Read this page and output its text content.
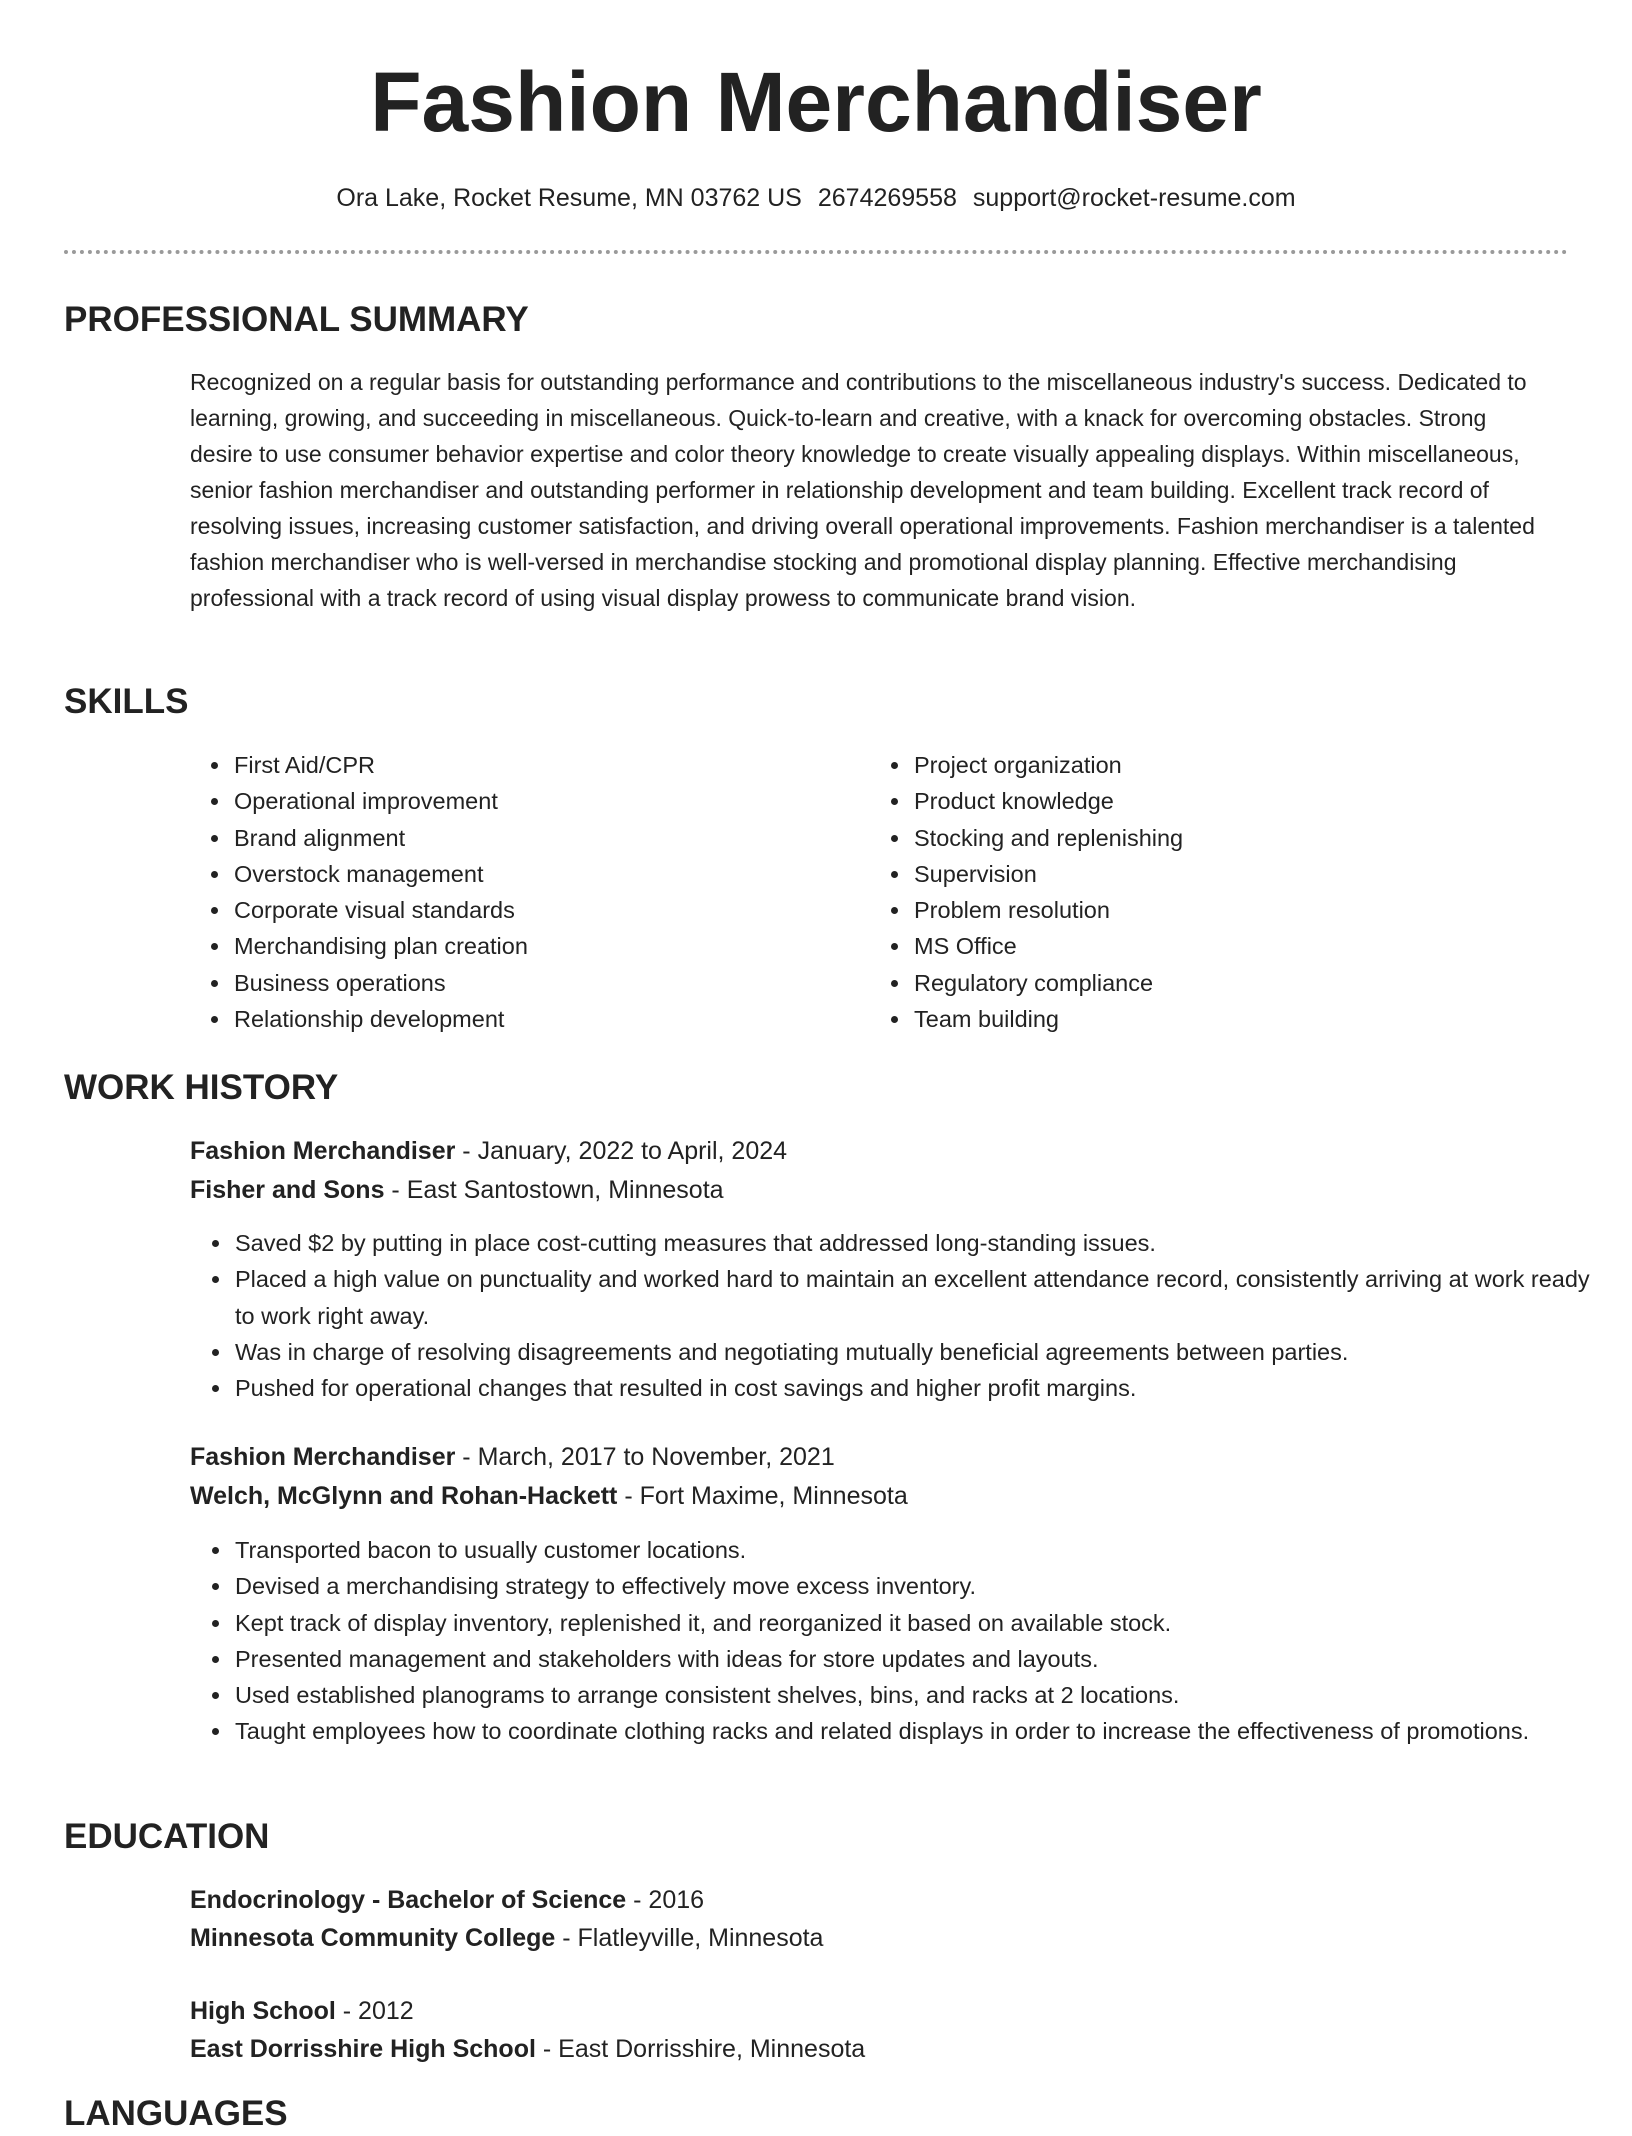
Fashion Merchandiser
Ora Lake, Rocket Resume, MN 03762 US 2674269558 support@rocket-resume.com
PROFESSIONAL SUMMARY

Recognized on a regular basis for outstanding performance and contributions to the miscellaneous industry's success. Dedicated to learning, growing, and succeeding in miscellaneous. Quick-to-learn and creative, with a knack for overcoming obstacles. Strong desire to use consumer behavior expertise and color theory knowledge to create visually appealing displays. Within miscellaneous, senior fashion merchandiser and outstanding performer in relationship development and team building. Excellent track record of resolving issues, increasing customer satisfaction, and driving overall operational improvements. Fashion merchandiser is a talented fashion merchandiser who is well-versed in merchandise stocking and promotional display planning. Effective merchandising professional with a track record of using visual display prowess to communicate brand vision.

SKILLS
• First Aid/CPR
• Operational improvement
• Brand alignment
• Overstock management
• Corporate visual standards
• Merchandising plan creation
• Business operations
• Relationship development
• Project organization
• Product knowledge
• Stocking and replenishing
• Supervision
• Problem resolution
• MS Office
• Regulatory compliance
• Team building
WORK HISTORY
Fashion Merchandiser - January, 2022 to April, 2024
Fisher and Sons - East Santostown, Minnesota
• Saved $2 by putting in place cost-cutting measures that addressed long-standing issues.
• Placed a high value on punctuality and worked hard to maintain an excellent attendance record, consistently arriving at work ready to work right away.
• Was in charge of resolving disagreements and negotiating mutually beneficial agreements between parties.
• Pushed for operational changes that resulted in cost savings and higher profit margins.
Fashion Merchandiser - March, 2017 to November, 2021
Welch, McGlynn and Rohan-Hackett - Fort Maxime, Minnesota
• Transported bacon to usually customer locations.
• Devised a merchandising strategy to effectively move excess inventory.
• Kept track of display inventory, replenished it, and reorganized it based on available stock.
• Presented management and stakeholders with ideas for store updates and layouts.
• Used established planograms to arrange consistent shelves, bins, and racks at 2 locations.
• Taught employees how to coordinate clothing racks and related displays in order to increase the effectiveness of promotions.
EDUCATION
Endocrinology - Bachelor of Science - 2016
Minnesota Community College - Flatleyville, Minnesota
High School - 2012
East Dorrisshire High School - East Dorrisshire, Minnesota
LANGUAGES
